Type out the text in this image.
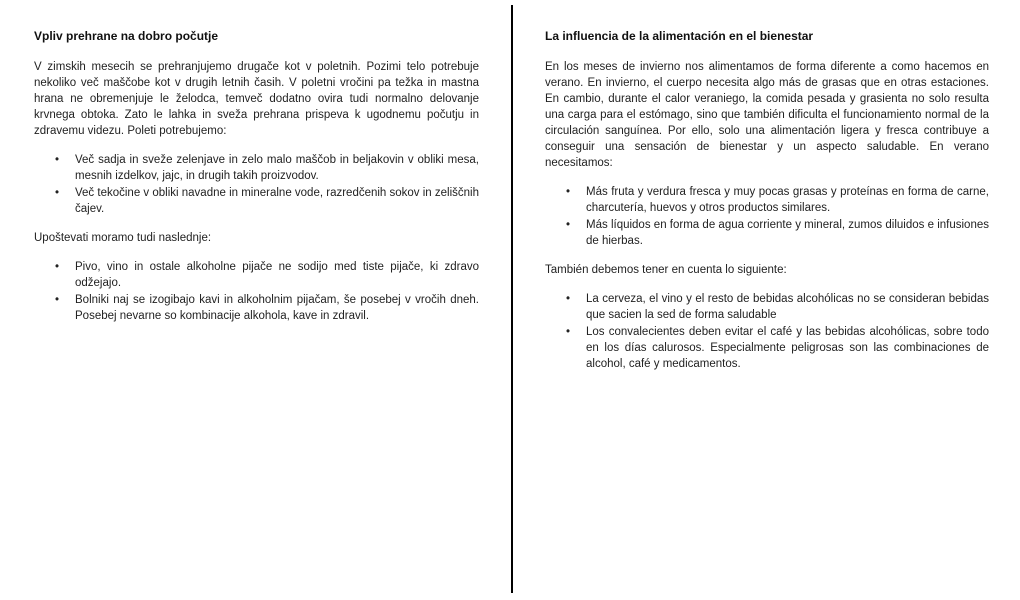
Vpliv prehrane na dobro počutje

V zimskih mesecih se prehranjujemo drugače kot v poletnih. Pozimi telo potrebuje nekoliko več maščobe kot v drugih letnih časih. V poletni vročini pa težka in mastna hrana ne obremenjuje le želodca, temveč dodatno ovira tudi normalno delovanje krvnega obtoka. Zato le lahka in sveža prehrana prispeva k ugodnemu počutju in zdravemu videzu. Poleti potrebujemo:

• Več sadja in sveže zelenjave in zelo malo maščob in beljakovin v obliki mesa, mesnih izdelkov, jajc, in drugih takih proizvodov.
• Več tekočine v obliki navadne in mineralne vode, razredčenih sokov in zeliščnih čajev.

Upoštevati moramo tudi naslednje:

• Pivo, vino in ostale alkoholne pijače ne sodijo med tiste pijače, ki zdravo odžejajo.
• Bolniki naj se izogibajo kavi in alkoholnim pijačam, še posebej v vročih dneh. Posebej nevarne so kombinacije alkohola, kave in zdravil.
La influencia de la alimentación en el bienestar

En los meses de invierno nos alimentamos de forma diferente a como hacemos en verano. En invierno, el cuerpo necesita algo más de grasas que en otras estaciones. En cambio, durante el calor veraniego, la comida pesada y grasienta no solo resulta una carga para el estómago, sino que también dificulta el funcionamiento normal de la circulación sanguínea. Por ello, solo una alimentación ligera y fresca contribuye a conseguir una sensación de bienestar y un aspecto saludable. En verano necesitamos:

• Más fruta y verdura fresca y muy pocas grasas y proteínas en forma de carne, charcutería, huevos y otros productos similares.
• Más líquidos en forma de agua corriente y mineral, zumos diluidos e infusiones de hierbas.

También debemos tener en cuenta lo siguiente:

• La cerveza, el vino y el resto de bebidas alcohólicas no se consideran bebidas que sacien la sed de forma saludable
• Los convalecientes deben evitar el café y las bebidas alcohólicas, sobre todo en los días calurosos. Especialmente peligrosas son las combinaciones de alcohol, café y medicamentos.
